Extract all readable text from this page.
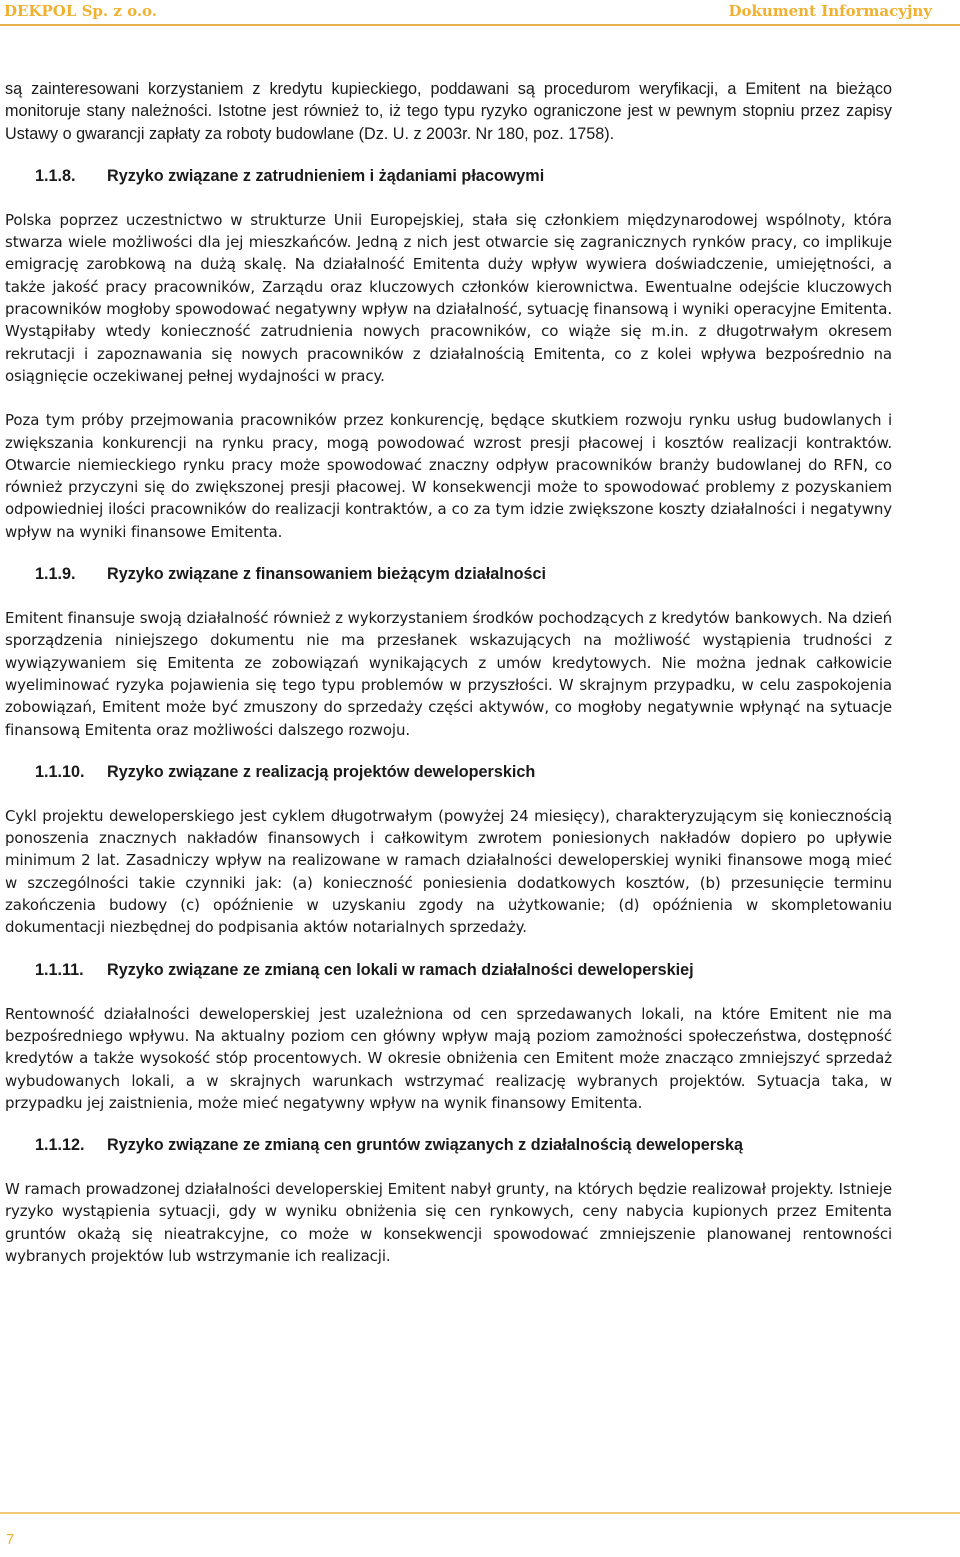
DEKPOL Sp. z o.o.	Dokument Informacyjny

są zainteresowani korzystaniem z kredytu kupieckiego, poddawani są procedurom weryfikacji, a Emitent na bieżąco monitoruje stany należności. Istotne jest również to, iż tego typu ryzyko ograniczone jest w pewnym stopniu przez zapisy Ustawy o gwarancji zapłaty za roboty budowlane (Dz. U. z 2003r. Nr 180, poz. 1758).

1.1.8. Ryzyko związane z zatrudnieniem i żądaniami płacowymi

Polska poprzez uczestnictwo w strukturze Unii Europejskiej, stała się członkiem międzynarodowej wspólnoty, która stwarza wiele możliwości dla jej mieszkańców. Jedną z nich jest otwarcie się zagranicznych rynków pracy, co implikuje emigrację zarobkową na dużą skalę. Na działalność Emitenta duży wpływ wywiera doświadczenie, umiejętności, a także jakość pracy pracowników, Zarządu oraz kluczowych członków kierownictwa. Ewentualne odejście kluczowych pracowników mogłoby spowodować negatywny wpływ na działalność, sytuację finansową i wyniki operacyjne Emitenta. Wystąpiłaby wtedy konieczność zatrudnienia nowych pracowników, co wiąże się m.in. z długotrwałym okresem rekrutacji i zapoznawania się nowych pracowników z działalnością Emitenta, co z kolei wpływa bezpośrednio na osiągnięcie oczekiwanej pełnej wydajności w pracy.

Poza tym próby przejmowania pracowników przez konkurencję, będące skutkiem rozwoju rynku usług budowlanych i zwiększania konkurencji na rynku pracy, mogą powodować wzrost presji płacowej i kosztów realizacji kontraktów. Otwarcie niemieckiego rynku pracy może spowodować znaczny odpływ pracowników branży budowlanej do RFN, co również przyczyni się do zwiększonej presji płacowej. W konsekwencji może to spowodować problemy z pozyskaniem odpowiedniej ilości pracowników do realizacji kontraktów, a co za tym idzie zwiększone koszty działalności i negatywny wpływ na wyniki finansowe Emitenta.

1.1.9. Ryzyko związane z finansowaniem bieżącym działalności

Emitent finansuje swoją działalność również z wykorzystaniem środków pochodzących z kredytów bankowych. Na dzień sporządzenia niniejszego dokumentu nie ma przesłanek wskazujących na możliwość wystąpienia trudności z wywiązywaniem się Emitenta ze zobowiązań wynikających z umów kredytowych. Nie można jednak całkowicie wyeliminować ryzyka pojawienia się tego typu problemów w przyszłości. W skrajnym przypadku, w celu zaspokojenia zobowiązań, Emitent może być zmuszony do sprzedaży części aktywów, co mogłoby negatywnie wpłynąć na sytuacje finansową Emitenta oraz możliwości dalszego rozwoju.

1.1.10. Ryzyko związane z realizacją projektów deweloperskich

Cykl projektu deweloperskiego jest cyklem długotrwałym (powyżej 24 miesięcy), charakteryzującym się koniecznością ponoszenia znacznych nakładów finansowych i całkowitym zwrotem poniesionych nakładów dopiero po upływie minimum 2 lat. Zasadniczy wpływ na realizowane w ramach działalności deweloperskiej wyniki finansowe mogą mieć w szczególności takie czynniki jak: (a) konieczność poniesienia dodatkowych kosztów, (b) przesunięcie terminu zakończenia budowy (c) opóźnienie w uzyskaniu zgody na użytkowanie; (d) opóźnienia w skompletowaniu dokumentacji niezbędnej do podpisania aktów notarialnych sprzedaży.

1.1.11. Ryzyko związane ze zmianą cen lokali w ramach działalności deweloperskiej

Rentowność działalności deweloperskiej jest uzależniona od cen sprzedawanych lokali, na które Emitent nie ma bezpośredniego wpływu. Na aktualny poziom cen główny wpływ mają poziom zamożności społeczeństwa, dostępność kredytów a także wysokość stóp procentowych. W okresie obniżenia cen Emitent może znacząco zmniejszyć sprzedaż wybudowanych lokali, a w skrajnych warunkach wstrzymać realizację wybranych projektów. Sytuacja taka, w przypadku jej zaistnienia, może mieć negatywny wpływ na wynik finansowy Emitenta.

1.1.12. Ryzyko związane ze zmianą cen gruntów związanych z działalnością deweloperską

W ramach prowadzonej działalności developerskiej Emitent nabył grunty, na których będzie realizował projekty. Istnieje ryzyko wystąpienia sytuacji, gdy w wyniku obniżenia się cen rynkowych, ceny nabycia kupionych przez Emitenta gruntów okażą się nieatrakcyjne, co może w konsekwencji spowodować zmniejszenie planowanej rentowności wybranych projektów lub wstrzymanie ich realizacji.

7
